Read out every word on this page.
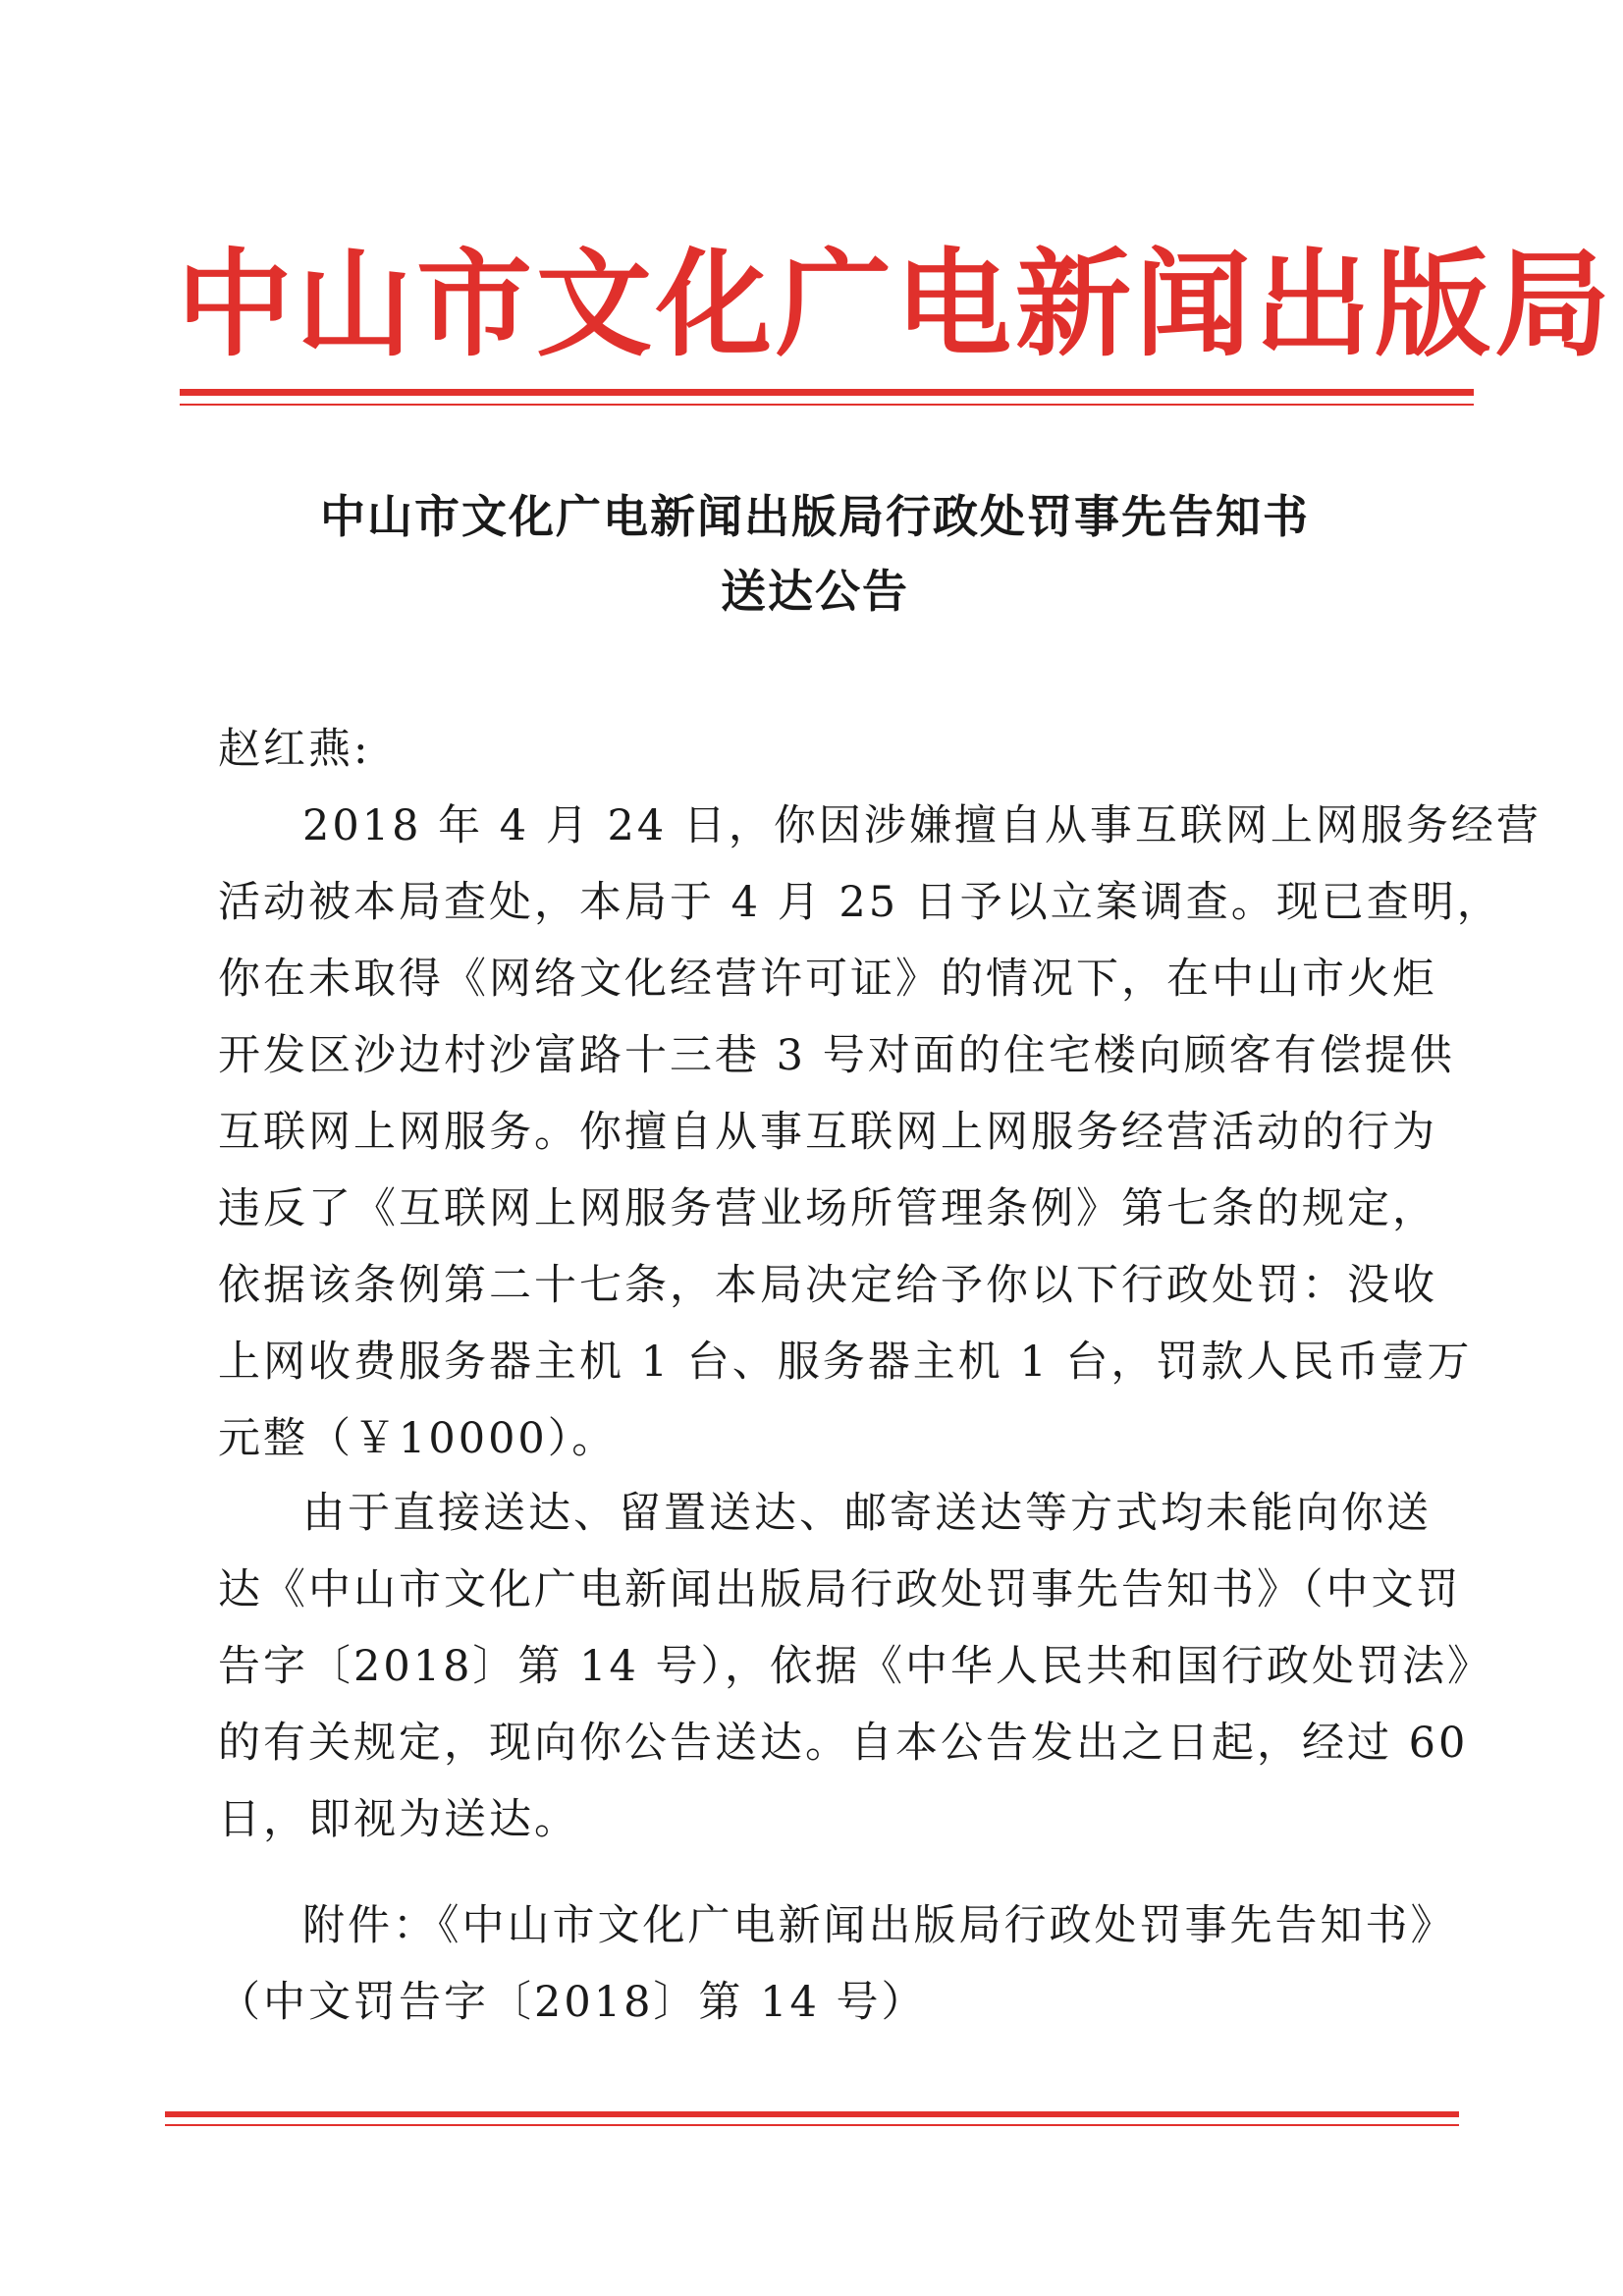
中山市文化广电新闻出版局
中山市文化广电新闻出版局行政处罚事先告知书
送达公告
赵红燕:
2018 年 4 月 24 日，你因涉嫌擅自从事互联网上网服务经营
活动被本局查处，本局于 4 月 25 日予以立案调查。现已查明，
你在未取得《网络文化经营许可证》的情况下，在中山市火炬
开发区沙边村沙富路十三巷 3 号对面的住宅楼向顾客有偿提供
互联网上网服务。你擅自从事互联网上网服务经营活动的行为
违反了《互联网上网服务营业场所管理条例》第七条的规定，
依据该条例第二十七条，本局决定给予你以下行政处罚：没收
上网收费服务器主机 1 台、服务器主机 1 台，罚款人民币壹万
元整（￥10000）。
由于直接送达、留置送达、邮寄送达等方式均未能向你送
达《中山市文化广电新闻出版局行政处罚事先告知书》（中文罚
告字〔2018〕第 14 号），依据《中华人民共和国行政处罚法》
的有关规定，现向你公告送达。自本公告发出之日起，经过 60
日，即视为送达。
附件：《中山市文化广电新闻出版局行政处罚事先告知书》
（中文罚告字〔2018〕第 14 号）
